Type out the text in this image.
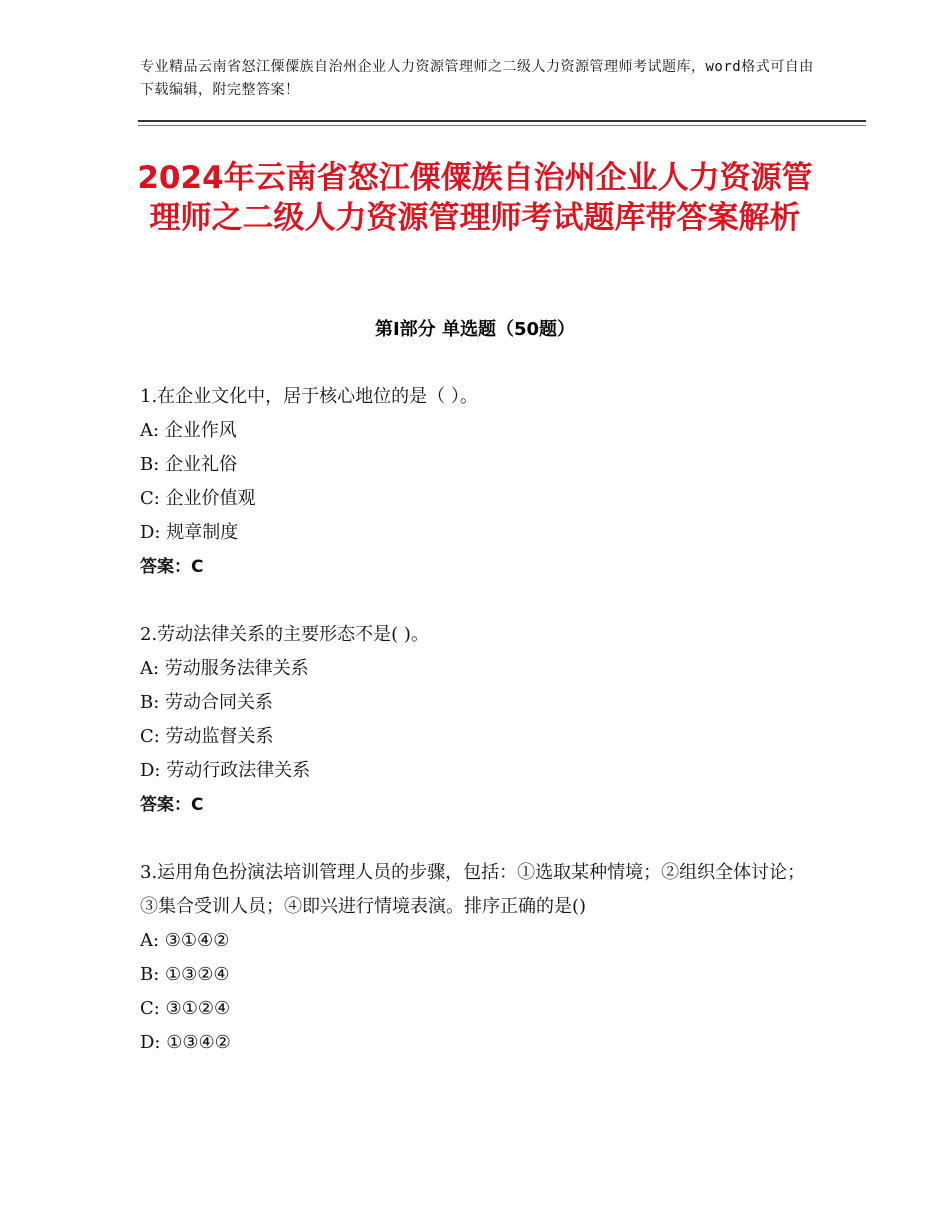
专业精品云南省怒江傈僳族自治州企业人力资源管理师之二级人力资源管理师考试题库，word格式可自由下载编辑，附完整答案！
2024年云南省怒江傈僳族自治州企业人力资源管理师之二级人力资源管理师考试题库带答案解析
第Ⅰ部分 单选题（50题）

1.在企业文化中，居于核心地位的是（ ）。

A: 企业作风

B: 企业礼俗

C: 企业价值观

D: 规章制度

答案：C

2.劳动法律关系的主要形态不是( )。

A: 劳动服务法律关系

B: 劳动合同关系

C: 劳动监督关系

D: 劳动行政法律关系

答案：C

3.运用角色扮演法培训管理人员的步骤，包括：①选取某种情境；②组织全体讨论；③集合受训人员；④即兴进行情境表演。排序正确的是()

A: ③①④②

B: ①③②④

C: ③①②④

D: ①③④②
